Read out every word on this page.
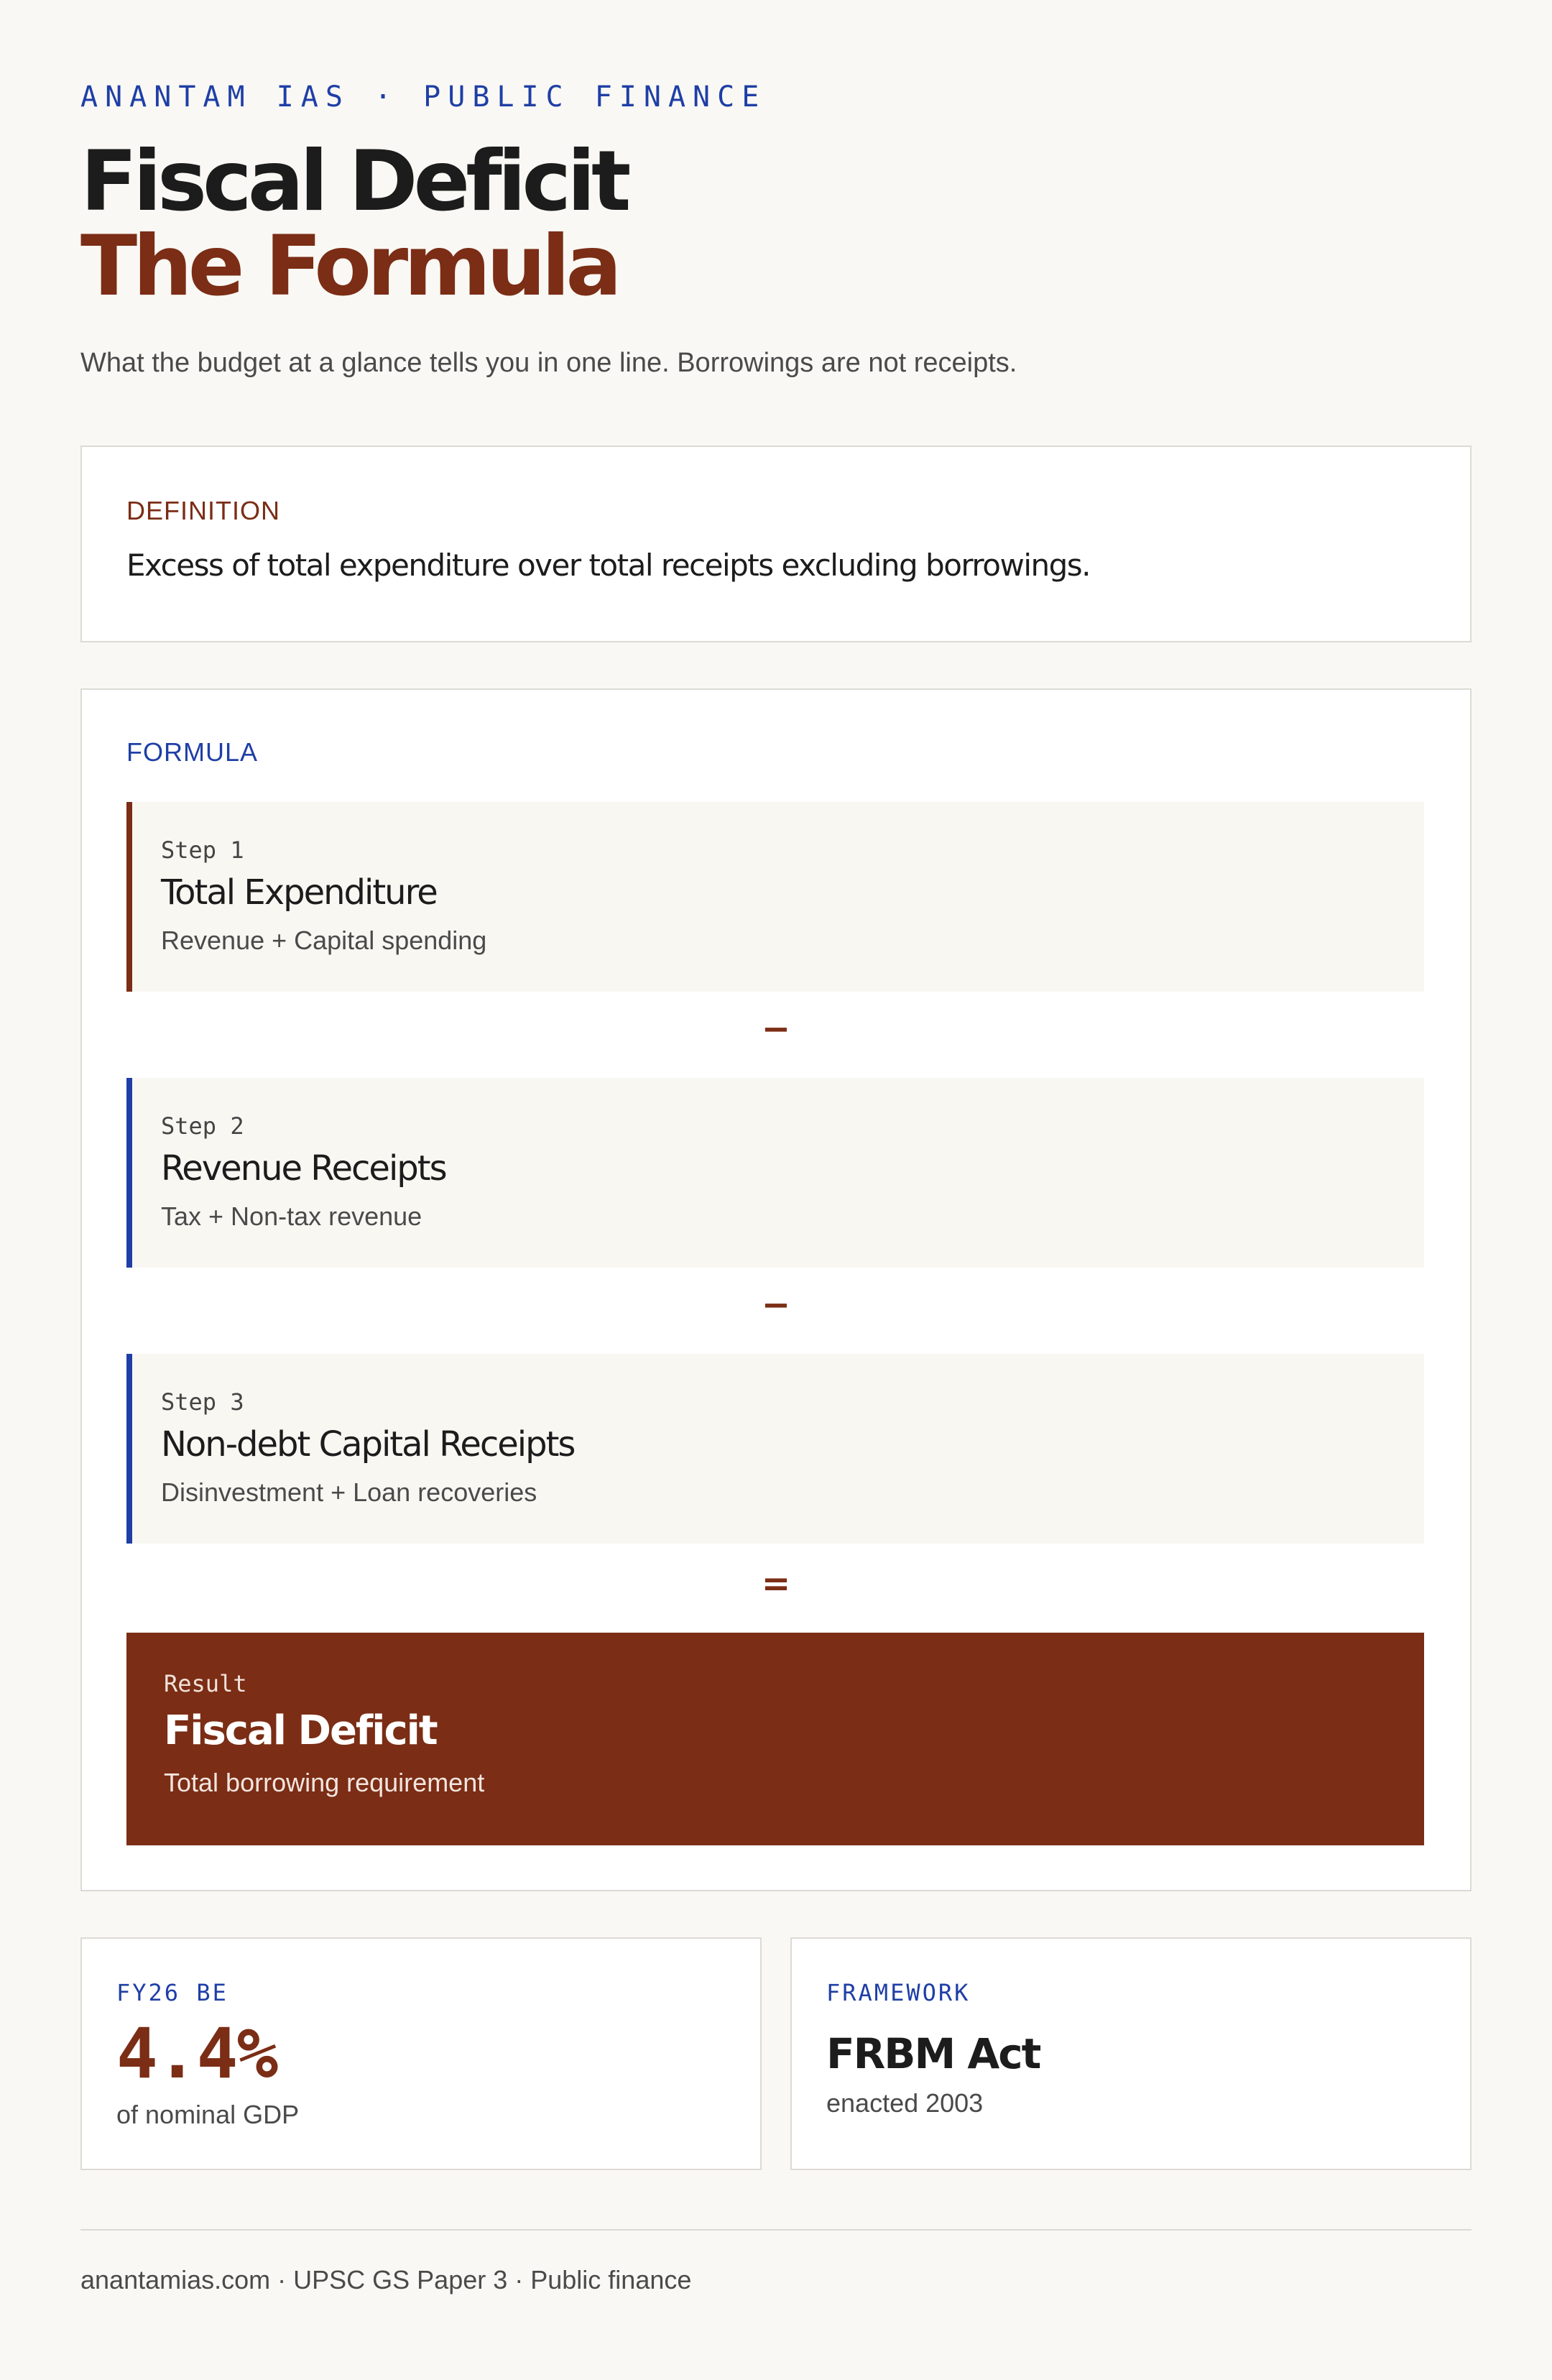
ANANTAM IAS · PUBLIC FINANCE
Fiscal Deficit
The Formula
What the budget at a glance tells you in one line. Borrowings are not receipts.
DEFINITION
Excess of total expenditure over total receipts excluding borrowings.
FORMULA
Step 1
Total Expenditure
Revenue + Capital spending
−
Step 2
Revenue Receipts
Tax + Non-tax revenue
−
Step 3
Non-debt Capital Receipts
Disinvestment + Loan recoveries
=
Result
Fiscal Deficit
Total borrowing requirement
FY26 BE
4.4%
of nominal GDP
FRAMEWORK
FRBM Act
enacted 2003
anantamias.com · UPSC GS Paper 3 · Public finance
